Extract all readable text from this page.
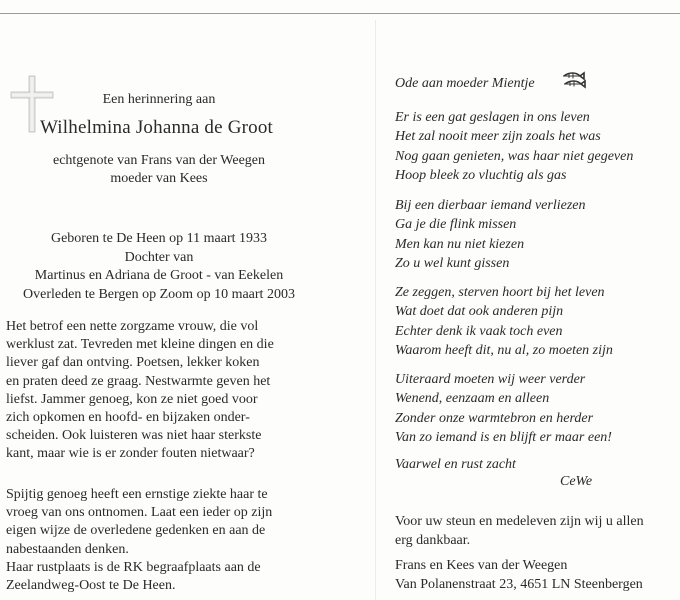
Een herinnering aan
Wilhelmina Johanna de Groot
echtgenote van Frans van der Weegen
moeder van Kees
Geboren te De Heen op 11 maart 1933
Dochter van
Martinus en Adriana de Groot - van Eekelen
Overleden te Bergen op Zoom op 10 maart 2003
Het betrof een nette zorgzame vrouw, die vol
werklust zat. Tevreden met kleine dingen en die
liever gaf dan ontving. Poetsen, lekker koken
en praten deed ze graag. Nestwarmte geven het
liefst. Jammer genoeg, kon ze niet goed voor
zich opkomen en hoofd- en bijzaken onder-
scheiden. Ook luisteren was niet haar sterkste
kant, maar wie is er zonder fouten nietwaar?
Spijtig genoeg heeft een ernstige ziekte haar te
vroeg van ons ontnomen. Laat een ieder op zijn
eigen wijze de overledene gedenken en aan de
nabestaanden denken.
Haar rustplaats is de RK begraafplaats aan de
Zeelandweg-Oost te De Heen.
Ode aan moeder Mientje
Er is een gat geslagen in ons leven
Het zal nooit meer zijn zoals het was
Nog gaan genieten, was haar niet gegeven
Hoop bleek zo vluchtig als gas
Bij een dierbaar iemand verliezen
Ga je die flink missen
Men kan nu niet kiezen
Zo u wel kunt gissen
Ze zeggen, sterven hoort bij het leven
Wat doet dat ook anderen pijn
Echter denk ik vaak toch even
Waarom heeft dit, nu al, zo moeten zijn
Uiteraard moeten wij weer verder
Wenend, eenzaam en alleen
Zonder onze warmtebron en herder
Van zo iemand is en blijft er maar een!
Vaarwel en rust zacht
CeWe
Voor uw steun en medeleven zijn wij u allen
erg dankbaar.
Frans en Kees van der Weegen
Van Polanenstraat 23, 4651 LN Steenbergen
